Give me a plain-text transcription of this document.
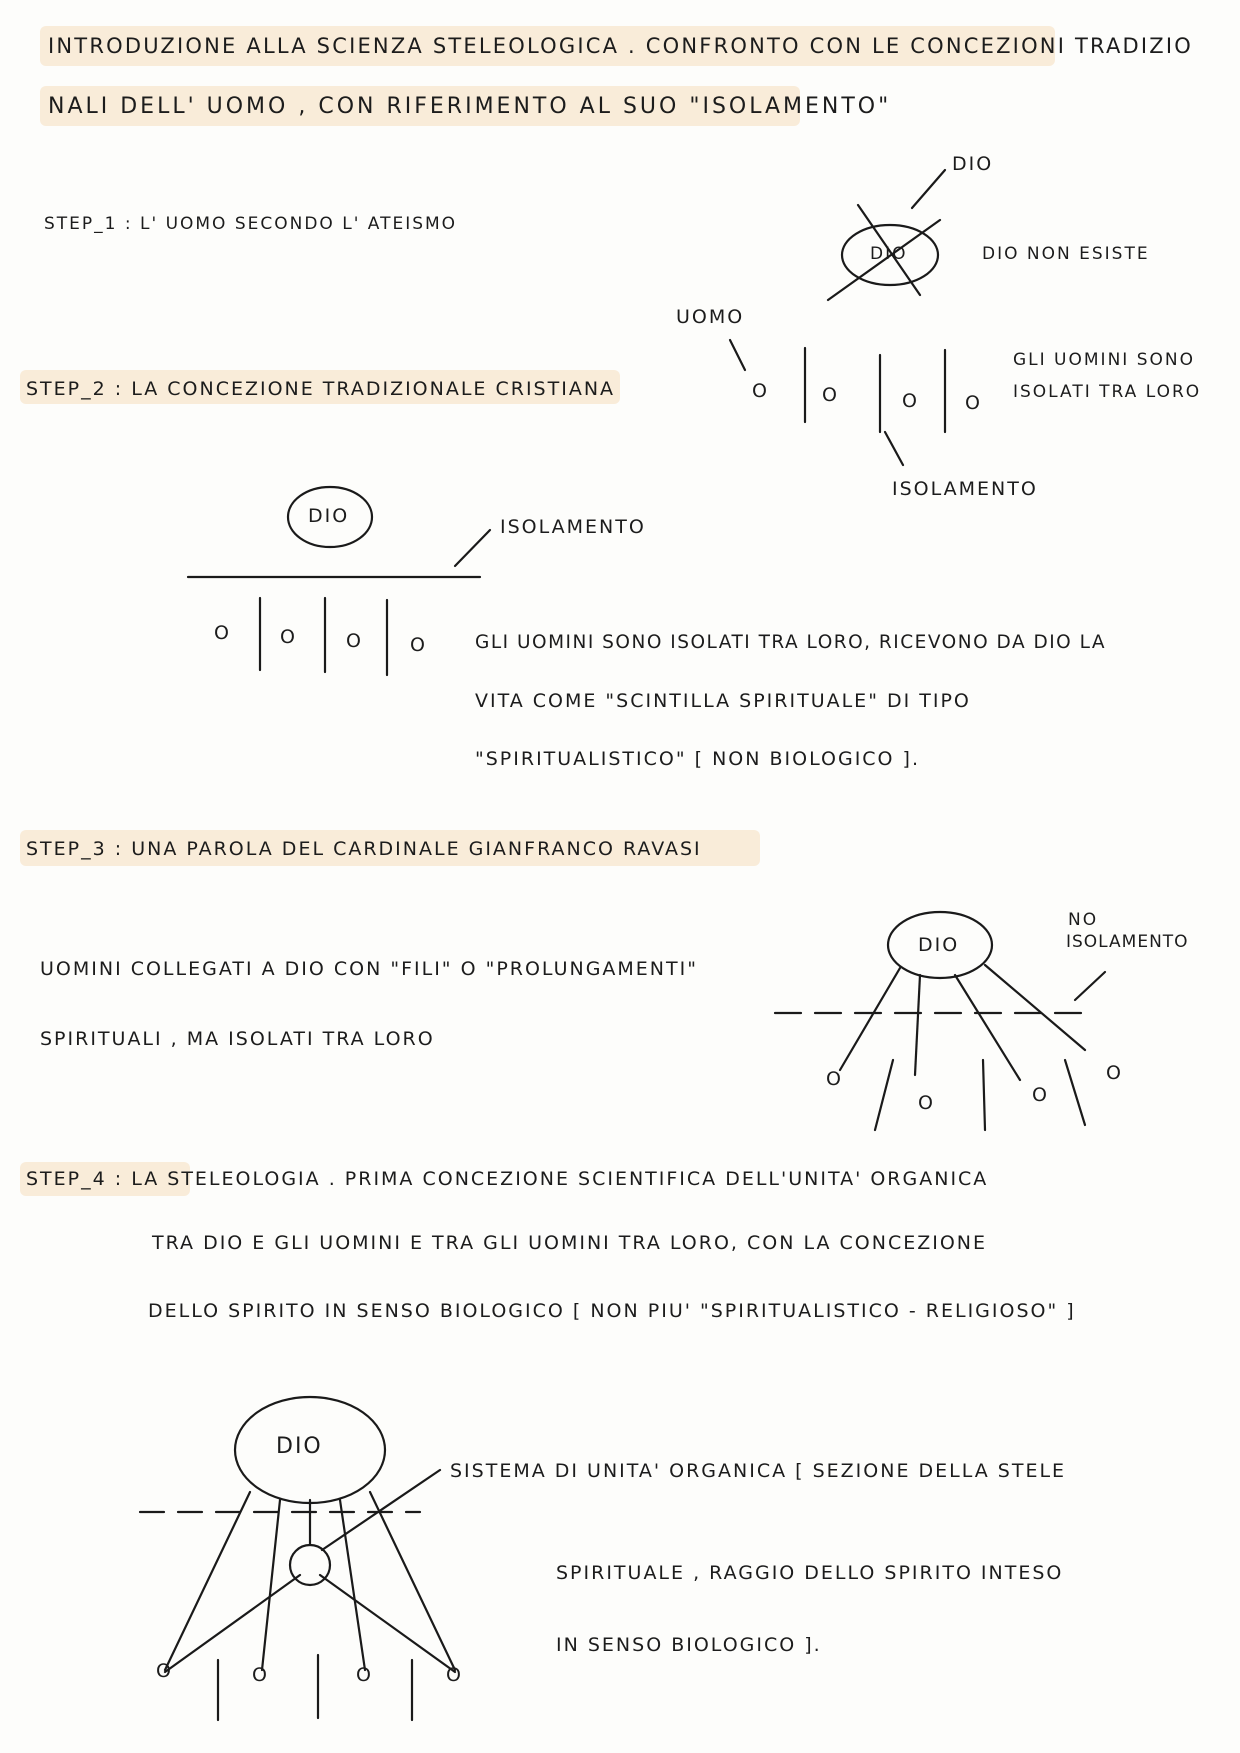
INTRODUZIONE ALLA SCIENZA STELEOLOGICA . CONFRONTO CON LE CONCEZIONI TRADIZIO

NALI DELL' UOMO , CON RIFERIMENTO AL SUO "ISOLAMENTO"

STEP_1 : L' UOMO SECONDO L' ATEISMO

DIO
DIO	DIO NON ESISTE
UOMO
GLI UOMINI SONO
ISOLATI TRA LORO
ISOLAMENTO
O	O	O O

STEP_2 : LA CONCEZIONE TRADIZIONALE CRISTIANA

DIO	ISOLAMENTO
O	O	O O	GLI UOMINI SONO ISOLATI TRA LORO, RICEVONO DA DIO LA

VITA COME "SCINTILLA SPIRITUALE" DI TIPO

"SPIRITUALISTICO" [ NON BIOLOGICO ].

STEP_3 : UNA PAROLA DEL CARDINALE GIANFRANCO RAVASI

UOMINI COLLEGATI A DIO CON "FILI" O "PROLUNGAMENTI"

SPIRITUALI , MA ISOLATI TRA LORO

DIO
NO
ISOLAMENTO
O
O	O
O

STEP_4 : LA STELEOLOGIA . PRIMA CONCEZIONE SCIENTIFICA DELL'UNITA' ORGANICA

TRA DIO E GLI UOMINI E TRA GLI UOMINI TRA LORO, CON LA CONCEZIONE

DELLO SPIRITO IN SENSO BIOLOGICO [ NON PIU' "SPIRITUALISTICO - RELIGIOSO" ]

DIO

SISTEMA DI UNITA' ORGANICA [ SEZIONE DELLA STELE

SPIRITUALE , RAGGIO DELLO SPIRITO INTESO

IN SENSO BIOLOGICO ].

O	O	O	O
